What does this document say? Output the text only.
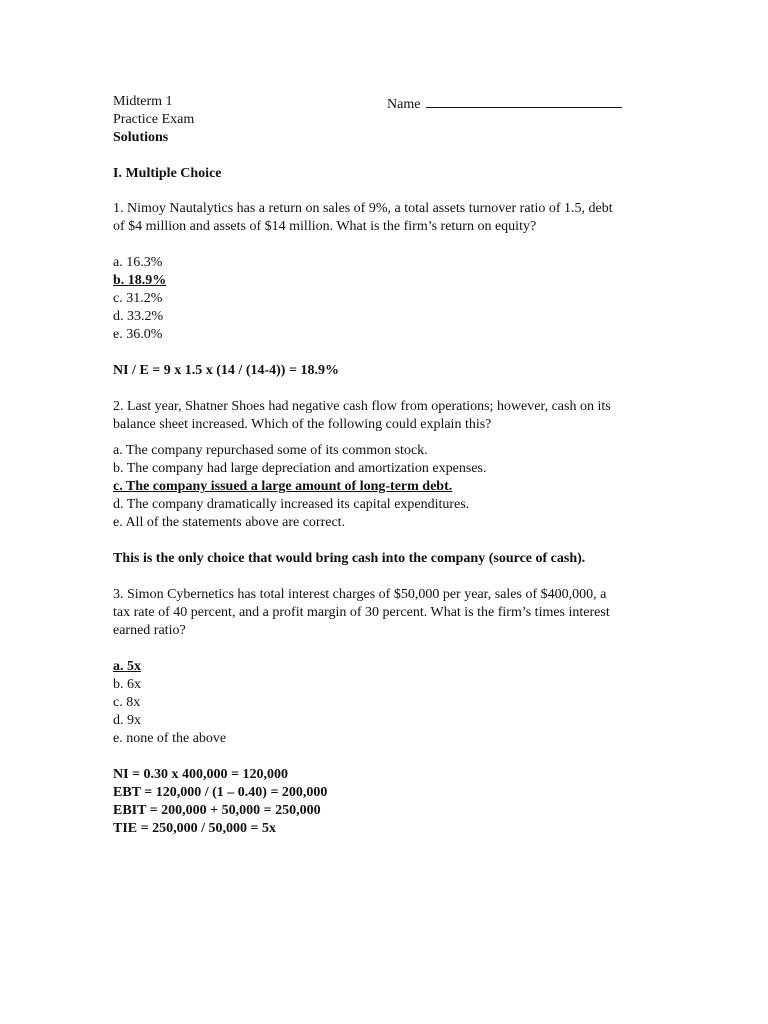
Midterm 1	Name
Practice Exam
Solutions
I. Multiple Choice
1. Nimoy Nautalytics has a return on sales of 9%, a total assets turnover ratio of 1.5, debt
of $4 million and assets of $14 million. What is the firm’s return on equity?
a. 16.3%
b. 18.9%
c. 31.2%
d. 33.2%
e. 36.0%
NI / E = 9 x 1.5 x (14 / (14-4)) = 18.9%
2. Last year, Shatner Shoes had negative cash flow from operations; however, cash on its
balance sheet increased. Which of the following could explain this?
a. The company repurchased some of its common stock.
b. The company had large depreciation and amortization expenses.
c. The company issued a large amount of long-term debt.
d. The company dramatically increased its capital expenditures.
e. All of the statements above are correct.
This is the only choice that would bring cash into the company (source of cash).
3. Simon Cybernetics has total interest charges of $50,000 per year, sales of $400,000, a
tax rate of 40 percent, and a profit margin of 30 percent. What is the firm’s times interest
earned ratio?
a. 5x
b. 6x
c. 8x
d. 9x
e. none of the above
NI = 0.30 x 400,000 = 120,000
EBT = 120,000 / (1 – 0.40) = 200,000
EBIT = 200,000 + 50,000 = 250,000
TIE = 250,000 / 50,000 = 5x
